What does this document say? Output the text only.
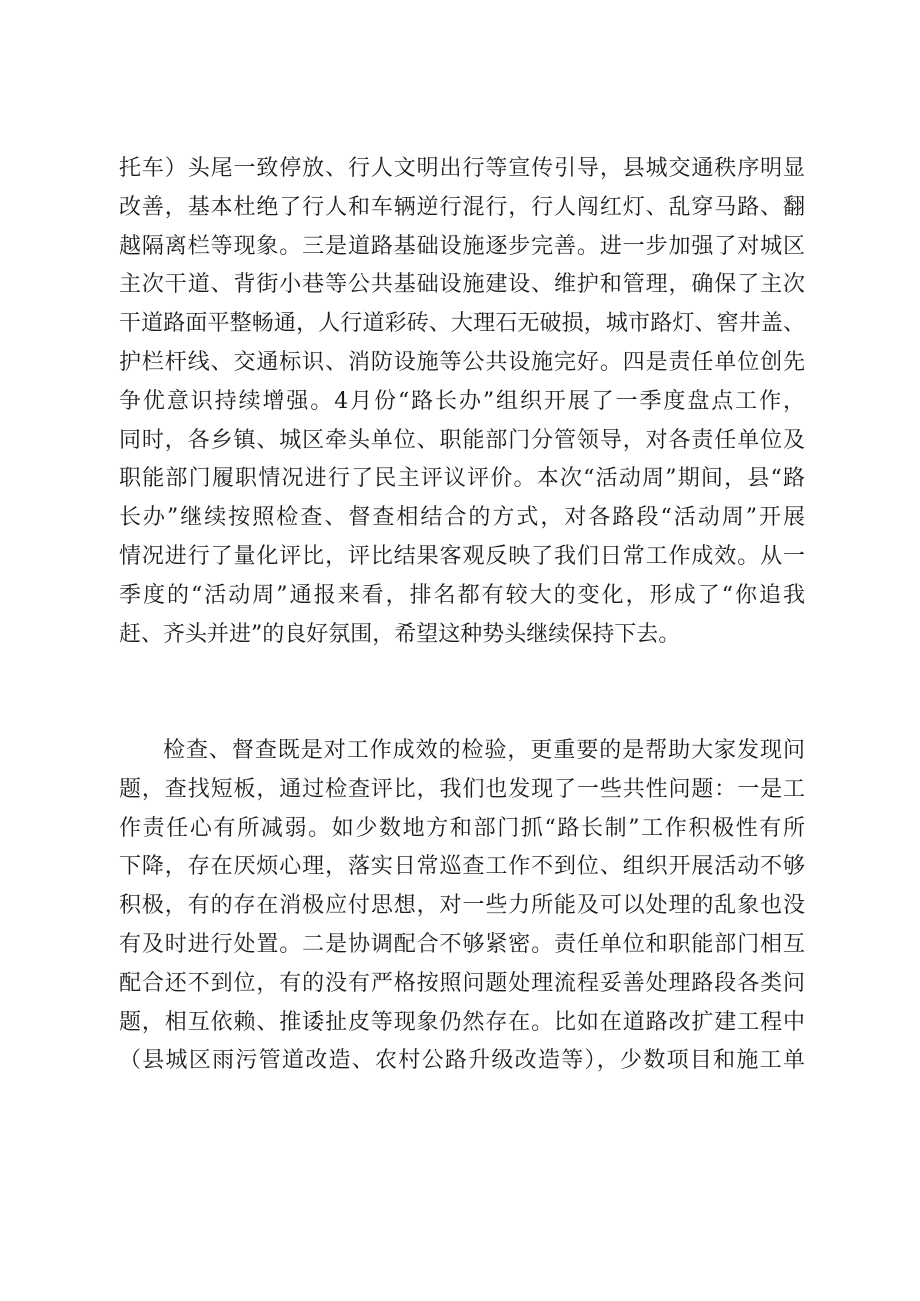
托车）头尾一致停放、行人文明出行等宣传引导，县城交通秩序明显
改善，基本杜绝了行人和车辆逆行混行，行人闯红灯、乱穿马路、翻
越隔离栏等现象。三是道路基础设施逐步完善。进一步加强了对城区
主次干道、背街小巷等公共基础设施建设、维护和管理，确保了主次
干道路面平整畅通，人行道彩砖、大理石无破损，城市路灯、窖井盖、
护栏杆线、交通标识、消防设施等公共设施完好。四是责任单位创先
争优意识持续增强。4月份“路长办”组织开展了一季度盘点工作，
同时，各乡镇、城区牵头单位、职能部门分管领导，对各责任单位及
职能部门履职情况进行了民主评议评价。本次“活动周”期间，县“路
长办”继续按照检查、督查相结合的方式，对各路段“活动周”开展
情况进行了量化评比，评比结果客观反映了我们日常工作成效。从一
季度的“活动周”通报来看，排名都有较大的变化，形成了“你追我
赶、齐头并进”的良好氛围，希望这种势头继续保持下去。
检查、督查既是对工作成效的检验，更重要的是帮助大家发现问
题，查找短板，通过检查评比，我们也发现了一些共性问题：一是工
作责任心有所减弱。如少数地方和部门抓“路长制”工作积极性有所
下降，存在厌烦心理，落实日常巡查工作不到位、组织开展活动不够
积极，有的存在消极应付思想，对一些力所能及可以处理的乱象也没
有及时进行处置。二是协调配合不够紧密。责任单位和职能部门相互
配合还不到位，有的没有严格按照问题处理流程妥善处理路段各类问
题，相互依赖、推诿扯皮等现象仍然存在。比如在道路改扩建工程中
（县城区雨污管道改造、农村公路升级改造等），少数项目和施工单
